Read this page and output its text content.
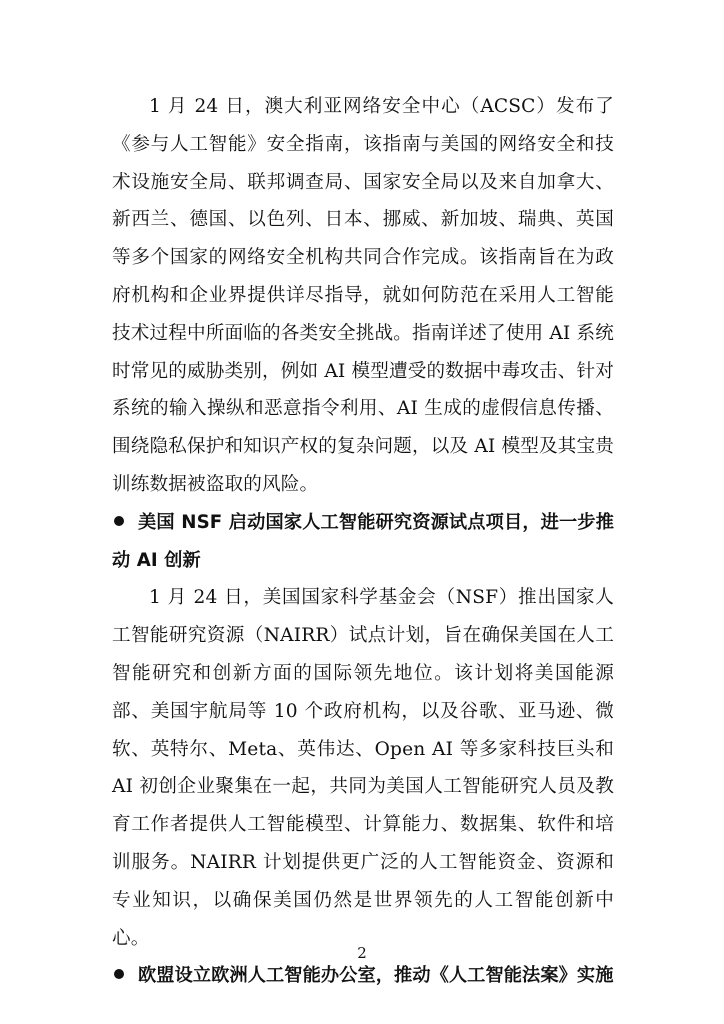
1 月 24 日，澳大利亚网络安全中心（ACSC）发布了《参与人工智能》安全指南，该指南与美国的网络安全和技术设施安全局、联邦调查局、国家安全局以及来自加拿大、新西兰、德国、以色列、日本、挪威、新加坡、瑞典、英国等多个国家的网络安全机构共同合作完成。该指南旨在为政府机构和企业界提供详尽指导，就如何防范在采用人工智能技术过程中所面临的各类安全挑战。指南详述了使用 AI 系统时常见的威胁类别，例如 AI 模型遭受的数据中毒攻击、针对系统的输入操纵和恶意指令利用、AI 生成的虚假信息传播、围绕隐私保护和知识产权的复杂问题，以及 AI 模型及其宝贵训练数据被盗取的风险。

美国 NSF 启动国家人工智能研究资源试点项目，进一步推动 AI 创新

1 月 24 日，美国国家科学基金会（NSF）推出国家人工智能研究资源（NAIRR）试点计划，旨在确保美国在人工智能研究和创新方面的国际领先地位。该计划将美国能源部、美国宇航局等 10 个政府机构，以及谷歌、亚马逊、微软、英特尔、Meta、英伟达、Open AI 等多家科技巨头和 AI 初创企业聚集在一起，共同为美国人工智能研究人员及教育工作者提供人工智能模型、计算能力、数据集、软件和培训服务。NAIRR 计划提供更广泛的人工智能资金、资源和专业知识，以确保美国仍然是世界领先的人工智能创新中心。

欧盟设立欧洲人工智能办公室，推动《人工智能法案》实施

2
